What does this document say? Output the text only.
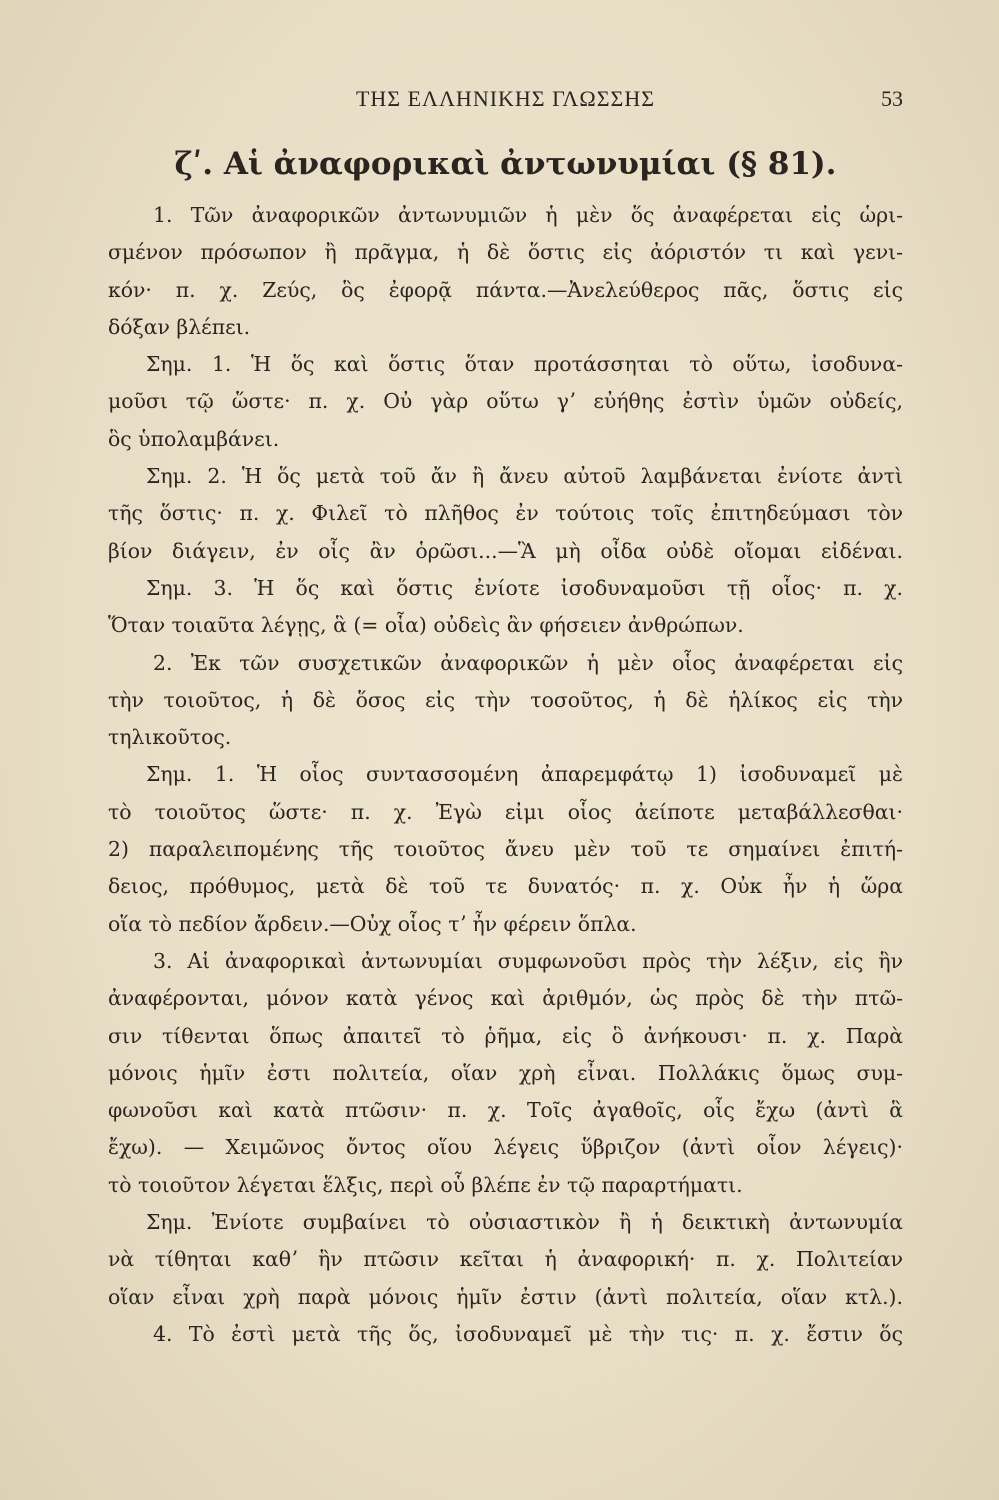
ΤΗΣ ΕΛΛΗΝΙΚΗΣ ΓΛΩΣΣΗΣ	53
ζʹ. Αἱ ἀναφορικαὶ ἀντωνυμίαι (§ 81).
1. Τῶν ἀναφορικῶν ἀντωνυμιῶν ἡ μὲν ὅς ἀναφέρεται εἰς ὡρι-
σμένον πρόσωπον ἢ πρᾶγμα, ἡ δὲ ὅστις εἰς ἀόριστόν τι καὶ γενι-
κόν· π. χ. Ζεύς, ὃς ἐφορᾷ πάντα.—Ἀνελεύθερος πᾶς, ὅστις εἰς
δόξαν βλέπει.
Σημ. 1. Ἡ ὅς καὶ ὅστις ὅταν προτάσσηται τὸ οὕτω, ἰσοδυνα-
μοῦσι τῷ ὥστε· π. χ. Οὐ γὰρ οὕτω γʼ εὐήθης ἐστὶν ὑμῶν οὐδείς,
ὃς ὑπολαμβάνει.
Σημ. 2. Ἡ ὅς μετὰ τοῦ ἄν ἢ ἄνευ αὐτοῦ λαμβάνεται ἐνίοτε ἀντὶ
τῆς ὅστις· π. χ. Φιλεῖ τὸ πλῆθος ἐν τούτοις τοῖς ἐπιτηδεύμασι τὸν
βίον διάγειν, ἐν οἷς ἂν ὁρῶσι...—Ἃ μὴ οἶδα οὐδὲ οἴομαι εἰδέναι.
Σημ. 3. Ἡ ὅς καὶ ὅστις ἐνίοτε ἰσοδυναμοῦσι τῇ οἷος· π. χ.
Ὅταν τοιαῦτα λέγῃς, ἃ (= οἷα) οὐδεὶς ἂν φήσειεν ἀνθρώπων.
2. Ἐκ τῶν συσχετικῶν ἀναφορικῶν ἡ μὲν οἷος ἀναφέρεται εἰς
τὴν τοιοῦτος, ἡ δὲ ὅσος εἰς τὴν τοσοῦτος, ἡ δὲ ἡλίκος εἰς τὴν
τηλικοῦτος.
Σημ. 1. Ἡ οἷος συντασσομένη ἀπαρεμφάτῳ 1) ἰσοδυναμεῖ μὲ
τὸ τοιοῦτος ὥστε· π. χ. Ἐγὼ εἰμι οἷος ἀείποτε μεταβάλλεσθαι·
2) παραλειπομένης τῆς τοιοῦτος ἄνευ μὲν τοῦ τε σημαίνει ἐπιτή-
δειος, πρόθυμος, μετὰ δὲ τοῦ τε δυνατός· π. χ. Οὐκ ἦν ἡ ὥρα
οἵα τὸ πεδίον ἄρδειν.—Οὐχ οἷος τʼ ἦν φέρειν ὅπλα.
3. Αἱ ἀναφορικαὶ ἀντωνυμίαι συμφωνοῦσι πρὸς τὴν λέξιν, εἰς ἣν
ἀναφέρονται, μόνον κατὰ γένος καὶ ἀριθμόν, ὡς πρὸς δὲ τὴν πτῶ-
σιν τίθενται ὅπως ἀπαιτεῖ τὸ ῥῆμα, εἰς ὃ ἀνήκουσι· π. χ. Παρὰ
μόνοις ἡμῖν ἐστι πολιτεία, οἵαν χρὴ εἶναι. Πολλάκις ὅμως συμ-
φωνοῦσι καὶ κατὰ πτῶσιν· π. χ. Τοῖς ἀγαθοῖς, οἷς ἔχω (ἀντὶ ἃ
ἔχω). — Χειμῶνος ὄντος οἵου λέγεις ὕβριζον (ἀντὶ οἷον λέγεις)·
τὸ τοιοῦτον λέγεται ἕλξις, περὶ οὗ βλέπε ἐν τῷ παραρτήματι.
Σημ. Ἐνίοτε συμβαίνει τὸ οὐσιαστικὸν ἢ ἡ δεικτικὴ ἀντωνυμία
νὰ τίθηται καθʼ ἣν πτῶσιν κεῖται ἡ ἀναφορική· π. χ. Πολιτείαν
οἵαν εἶναι χρὴ παρὰ μόνοις ἡμῖν ἐστιν (ἀντὶ πολιτεία, οἵαν κτλ.).
4. Τὸ ἐστὶ μετὰ τῆς ὅς, ἰσοδυναμεῖ μὲ τὴν τις· π. χ. ἔστιν ὅς
